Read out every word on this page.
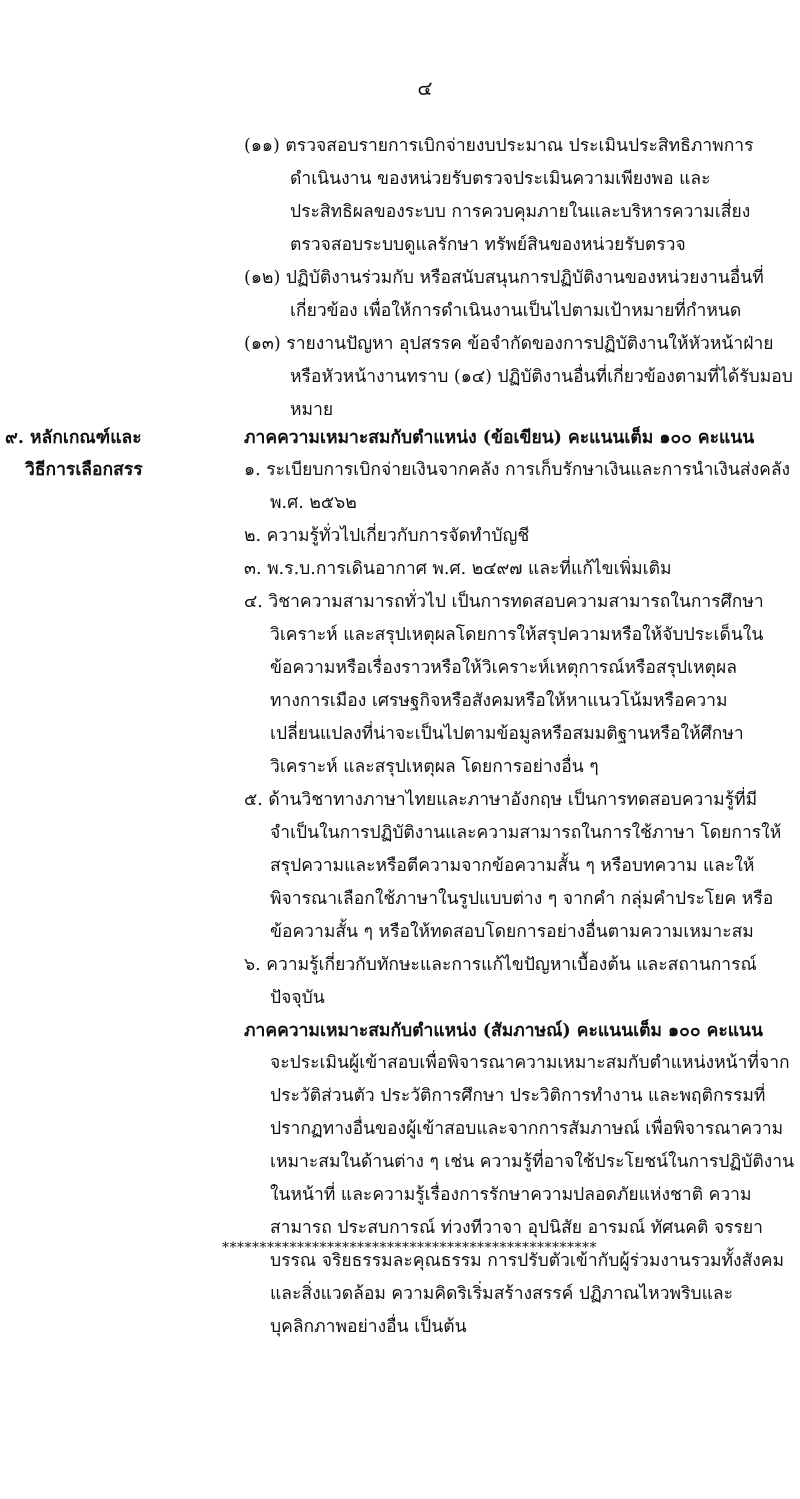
๔
(๑๑) ตรวจสอบรายการเบิกจ่ายงบประมาณ ประเมินประสิทธิภาพการดำเนินงาน ของหน่วยรับตรวจประเมินความเพียงพอ และประสิทธิผลของระบบ การควบคุมภายในและบริหารความเสี่ยง ตรวจสอบระบบดูแลรักษา ทรัพย์สินของหน่วยรับตรวจ
(๑๒) ปฏิบัติงานร่วมกับ หรือสนับสนุนการปฏิบัติงานของหน่วยงานอื่นที่เกี่ยวข้อง เพื่อให้การดำเนินงานเป็นไปตามเป้าหมายที่กำหนด
(๑๓) รายงานปัญหา อุปสรรค ข้อจำกัดของการปฏิบัติงานให้หัวหน้าฝ่าย หรือหัวหน้างานทราบ (๑๔) ปฏิบัติงานอื่นที่เกี่ยวข้องตามที่ได้รับมอบหมาย
๙. หลักเกณฑ์และ
วิธีการเลือกสรร
ภาคความเหมาะสมกับตำแหน่ง (ข้อเขียน) คะแนนเต็ม ๑๐๐ คะแนน
๑. ระเบียบการเบิกจ่ายเงินจากคลัง การเก็บรักษาเงินและการนำเงินส่งคลัง พ.ศ. ๒๕๖๒
๒. ความรู้ทั่วไปเกี่ยวกับการจัดทำบัญชี
๓. พ.ร.บ.การเดินอากาศ พ.ศ. ๒๔๙๗ และที่แก้ไขเพิ่มเติม
๔. วิชาความสามารถทั่วไป เป็นการทดสอบความสามารถในการศึกษา วิเคราะห์ และสรุปเหตุผลโดยการให้สรุปความหรือให้จับประเด็นในข้อความหรือเรื่องราวหรือให้วิเคราะห์เหตุการณ์หรือสรุปเหตุผลทางการเมือง เศรษฐกิจหรือสังคมหรือให้หาแนวโน้มหรือความเปลี่ยนแปลงที่น่าจะเป็นไปตามข้อมูลหรือสมมติฐานหรือให้ศึกษา วิเคราะห์ และสรุปเหตุผล โดยการอย่างอื่น ๆ
๕. ด้านวิชาทางภาษาไทยและภาษาอังกฤษ เป็นการทดสอบความรู้ที่มีจำเป็นในการปฏิบัติงานและความสามารถในการใช้ภาษา โดยการให้สรุปความและหรือตีความจากข้อความสั้น ๆ หรือบทความ และให้พิจารณาเลือกใช้ภาษาในรูปแบบต่าง ๆ จากคำ กลุ่มคำประโยค หรือข้อความสั้น ๆ หรือให้ทดสอบโดยการอย่างอื่นตามความเหมาะสม
๖. ความรู้เกี่ยวกับทักษะและการแก้ไขปัญหาเบื้องต้น และสถานการณ์ปัจจุบัน
ภาคความเหมาะสมกับตำแหน่ง (สัมภาษณ์) คะแนนเต็ม ๑๐๐ คะแนน
จะประเมินผู้เข้าสอบเพื่อพิจารณาความเหมาะสมกับตำแหน่งหน้าที่จากประวัติส่วนตัว ประวัติการศึกษา ประวิติการทำงาน และพฤติกรรมที่ปรากฏทางอื่นของผู้เข้าสอบและจากการสัมภาษณ์ เพื่อพิจารณาความเหมาะสมในด้านต่าง ๆ เช่น ความรู้ที่อาจใช้ประโยชน์ในการปฏิบัติงานในหน้าที่ และความรู้เรื่องการรักษาความปลอดภัยแห่งชาติ ความสามารถ ประสบการณ์ ท่วงทีวาจา อุปนิสัย อารมณ์ ทัศนคติ จรรยาบรรณ จริยธรรมละคุณธรรม การปรับตัวเข้ากับผู้ร่วมงานรวมทั้งสังคม และสิ่งแวดล้อม ความคิดริเริ่มสร้างสรรค์ ปฏิภาณไหวพริบและบุคลิกภาพอย่างอื่น เป็นต้น
**************************************************
